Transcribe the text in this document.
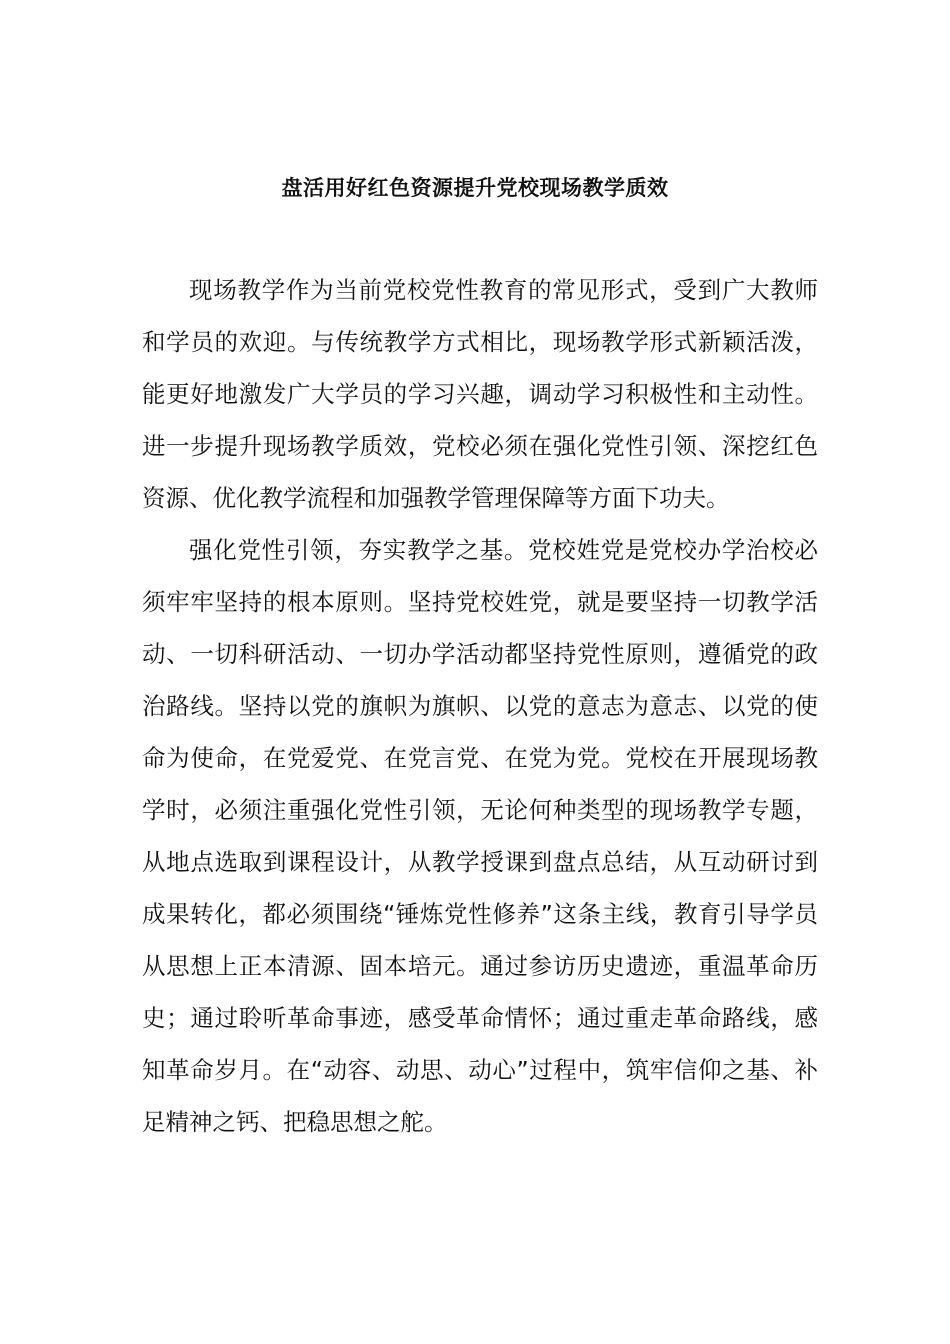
盘活用好红色资源提升党校现场教学质效

现场教学作为当前党校党性教育的常见形式，受到广大教师和学员的欢迎。与传统教学方式相比，现场教学形式新颖活泼，能更好地激发广大学员的学习兴趣，调动学习积极性和主动性。进一步提升现场教学质效，党校必须在强化党性引领、深挖红色资源、优化教学流程和加强教学管理保障等方面下功夫。

强化党性引领，夯实教学之基。党校姓党是党校办学治校必须牢牢坚持的根本原则。坚持党校姓党，就是要坚持一切教学活动、一切科研活动、一切办学活动都坚持党性原则，遵循党的政治路线。坚持以党的旗帜为旗帜、以党的意志为意志、以党的使命为使命，在党爱党、在党言党、在党为党。党校在开展现场教学时，必须注重强化党性引领，无论何种类型的现场教学专题，从地点选取到课程设计，从教学授课到盘点总结，从互动研讨到成果转化，都必须围绕“锤炼党性修养”这条主线，教育引导学员从思想上正本清源、固本培元。通过参访历史遗迹，重温革命历史；通过聆听革命事迹，感受革命情怀；通过重走革命路线，感知革命岁月。在“动容、动思、动心”过程中，筑牢信仰之基、补足精神之钙、把稳思想之舵。
